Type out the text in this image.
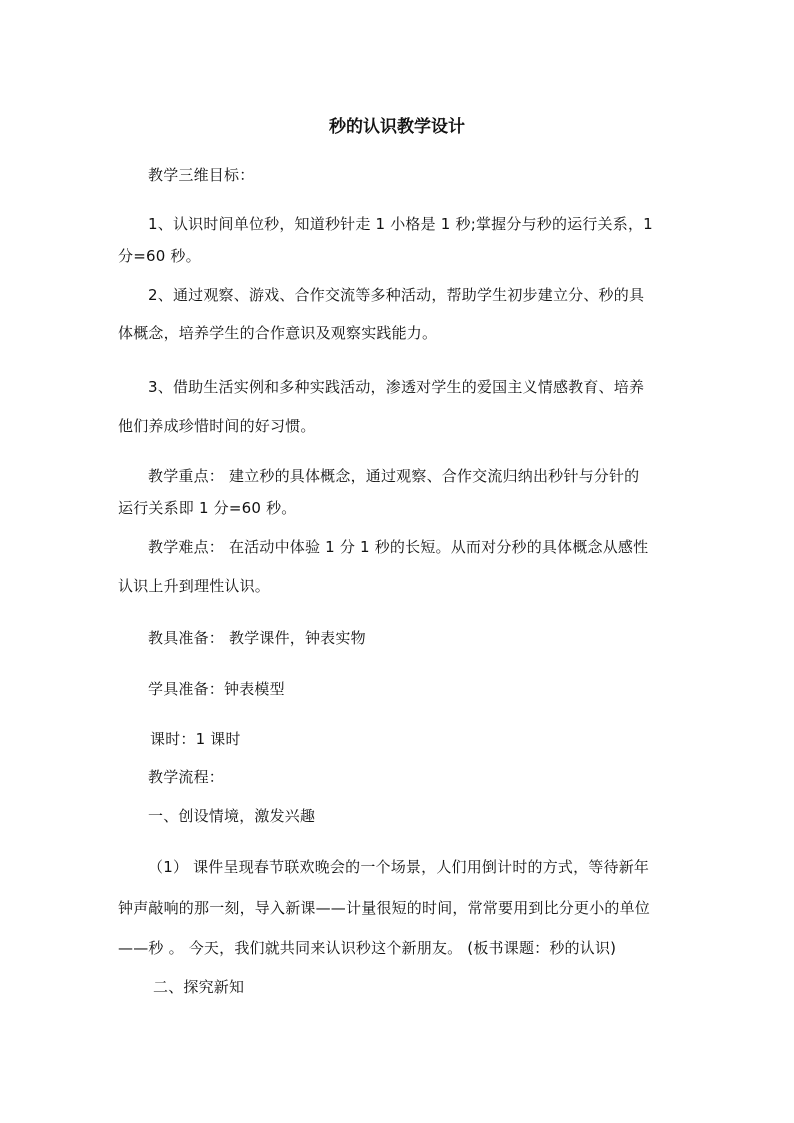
秒的认识教学设计
教学三维目标：
1、认识时间单位秒，知道秒针走 1 小格是 1 秒;掌握分与秒的运行关系，1
分=60 秒。
2、通过观察、游戏、合作交流等多种活动，帮助学生初步建立分、秒的具
体概念，培养学生的合作意识及观察实践能力。
3、借助生活实例和多种实践活动，渗透对学生的爱国主义情感教育、培养
他们养成珍惜时间的好习惯。
教学重点： 建立秒的具体概念，通过观察、合作交流归纳出秒针与分针的
运行关系即 1 分=60 秒。
教学难点： 在活动中体验 1 分 1 秒的长短。从而对分秒的具体概念从感性
认识上升到理性认识。
教具准备： 教学课件，钟表实物
学具准备：钟表模型
课时：1 课时
教学流程：
一、创设情境，激发兴趣
（1） 课件呈现春节联欢晚会的一个场景，人们用倒计时的方式，等待新年
钟声敲响的那一刻，导入新课——计量很短的时间，常常要用到比分更小的单位
——秒 。 今天，我们就共同来认识秒这个新朋友。 (板书课题：秒的认识)
二、探究新知
